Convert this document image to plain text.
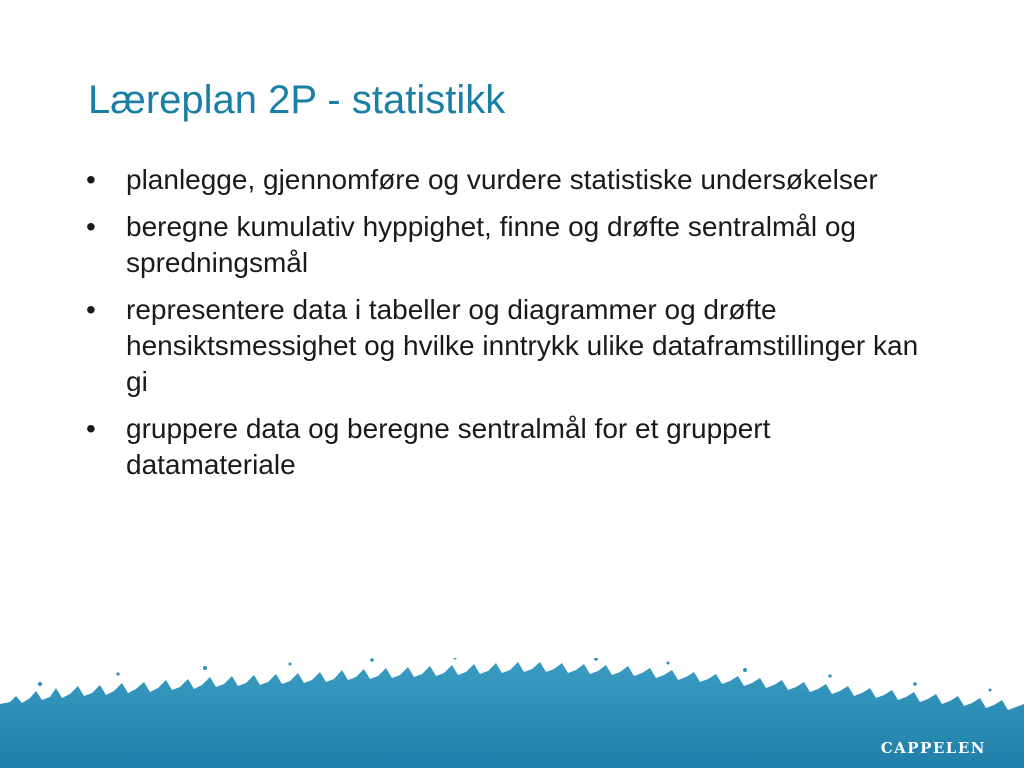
Læreplan 2P - statistikk
•	planlegge, gjennomføre og vurdere statistiske undersøkelser
•	beregne kumulativ hyppighet, finne og drøfte sentralmål og spredningsmål
•	representere data i tabeller og diagrammer og drøfte hensiktsmessighet og hvilke inntrykk ulike dataframstillinger kan gi
•	gruppere data og beregne sentralmål for et gruppert datamateriale
CAPPELEN
